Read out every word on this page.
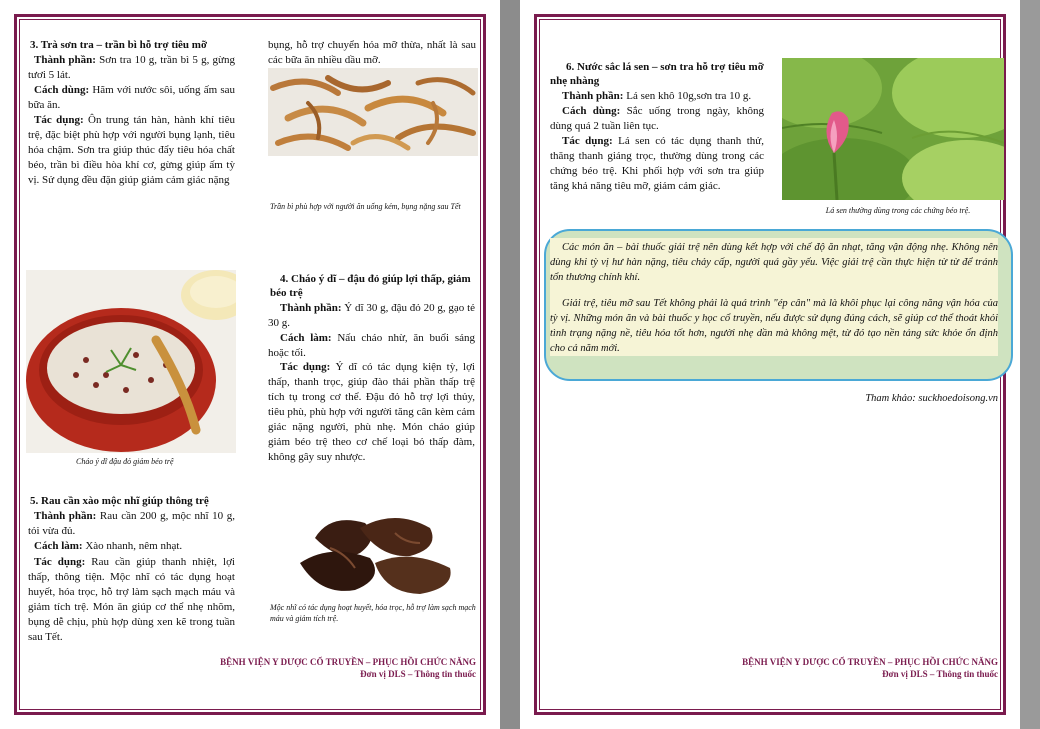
3. Trà sơn tra – trần bì hỗ trợ tiêu mỡ

Thành phần: Sơn tra 10 g, trần bì 5 g, gừng tươi 5 lát.

Cách dùng: Hãm với nước sôi, uống ấm sau bữa ăn.

Tác dụng: Ôn trung tán hàn, hành khí tiêu trệ, đặc biệt phù hợp với người bụng lạnh, tiêu hóa chậm. Sơn tra giúp thúc đẩy tiêu hóa chất béo, trần bì điều hòa khí cơ, gừng giúp ấm tỳ vị. Sử dụng đều đặn giúp giảm cảm giác nặng

bụng, hỗ trợ chuyển hóa mỡ thừa, nhất là sau các bữa ăn nhiều dầu mỡ.

Trần bì phù hợp với người ăn uống kém, bụng nặng sau Tết

Cháo ý dĩ đậu đỏ giảm béo trệ

4. Cháo ý dĩ – đậu đỏ giúp lợi thấp, giảm béo trệ

Thành phần: Ý dĩ 30 g, đậu đỏ 20 g, gạo tẻ 30 g.

Cách làm: Nấu cháo nhừ, ăn buổi sáng hoặc tối.

Tác dụng: Ý dĩ có tác dụng kiện tỳ, lợi thấp, thanh trọc, giúp đào thải phần thấp trệ tích tụ trong cơ thể. Đậu đỏ hỗ trợ lợi thủy, tiêu phù, phù hợp với người tăng cân kèm cảm giác nặng người, phù nhẹ. Món cháo giúp giảm béo trệ theo cơ chế loại bỏ thấp đàm, không gây suy nhược.

5. Rau cần xào mộc nhĩ giúp thông trệ

Thành phần: Rau cần 200 g, mộc nhĩ 10 g, tỏi vừa đủ.

Cách làm: Xào nhanh, nêm nhạt.

Tác dụng: Rau cần giúp thanh nhiệt, lợi thấp, thông tiện. Mộc nhĩ có tác dụng hoạt huyết, hóa trọc, hỗ trợ làm sạch mạch máu và giảm tích trệ. Món ăn giúp cơ thể nhẹ nhõm, bụng dễ chịu, phù hợp dùng xen kẽ trong tuần sau Tết.

Mộc nhĩ có tác dụng hoạt huyết, hóa trọc, hỗ trợ làm sạch mạch máu và giảm tích trệ.

BỆNH VIỆN Y DƯỢC CỔ TRUYỀN – PHỤC HỒI CHỨC NĂNG
Đơn vị DLS – Thông tin thuốc

6. Nước sắc lá sen – sơn tra hỗ trợ tiêu mỡ nhẹ nhàng

Thành phần: Lá sen khô 10g,sơn tra 10 g.

Cách dùng: Sắc uống trong ngày, không dùng quá 2 tuần liên tục.

Tác dụng: Lá sen có tác dụng thanh thử, thăng thanh giáng trọc, thường dùng trong các chứng béo trệ. Khi phối hợp với sơn tra giúp tăng khả năng tiêu mỡ, giảm cảm giác.

Lá sen thường dùng trong các chứng béo trệ.

Các món ăn – bài thuốc giải trệ nên dùng kết hợp với chế độ ăn nhạt, tăng vận động nhẹ. Không nên dùng khi tỳ vị hư hàn nặng, tiêu chảy cấp, người quá gầy yếu. Việc giải trệ cần thực hiện từ từ để tránh tổn thương chính khí.

Giải trệ, tiêu mỡ sau Tết không phải là quá trình "ép cân" mà là khôi phục lại công năng vận hóa của tỳ vị. Những món ăn và bài thuốc y học cổ truyền, nếu được sử dụng đúng cách, sẽ giúp cơ thể thoát khỏi tình trạng nặng nề, tiêu hóa tốt hơn, người nhẹ dần mà không mệt, từ đó tạo nền tảng sức khỏe ổn định cho cả năm mới.

Tham khảo: suckhoedoisong.vn

BỆNH VIỆN Y DƯỢC CỔ TRUYỀN – PHỤC HỒI CHỨC NĂNG
Đơn vị DLS – Thông tin thuốc
